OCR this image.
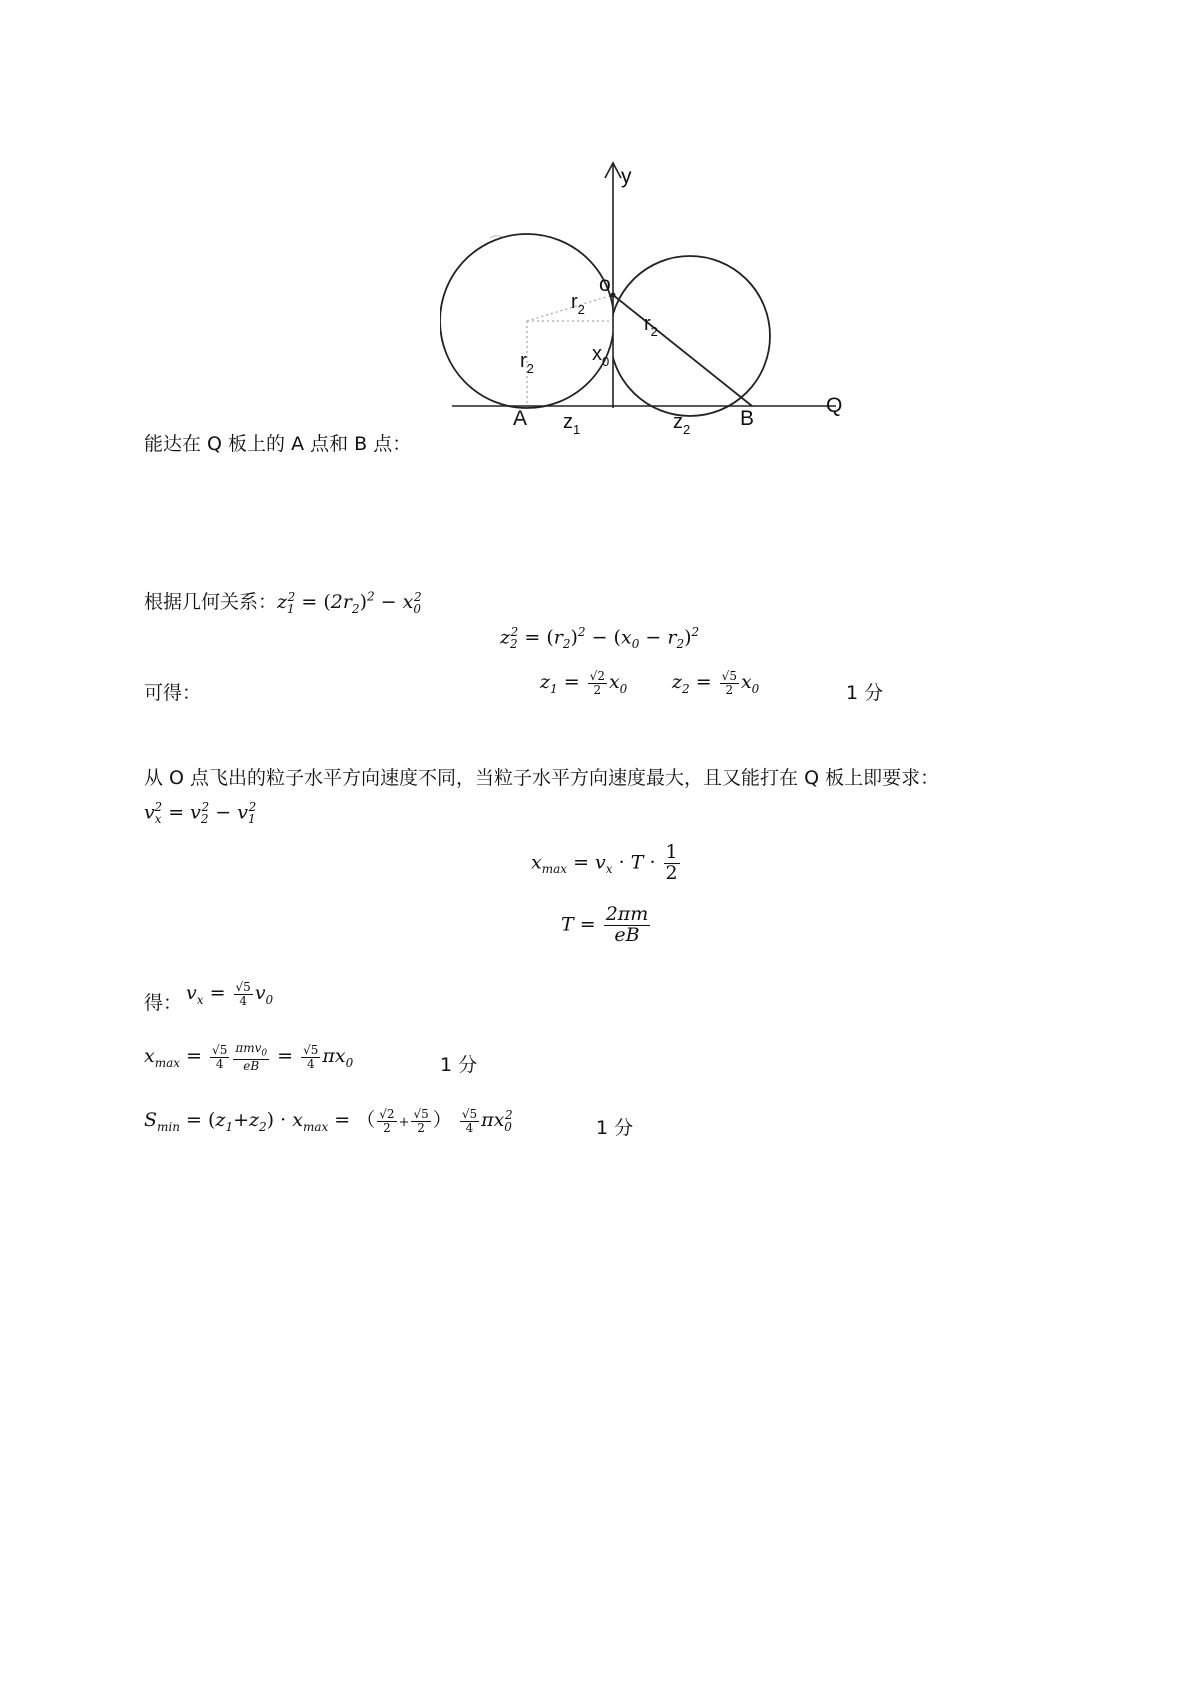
y
o
Q
A	B
$r_2$
$r_2$
$r_2$
$x_0$
$z_1$	$z_2$
能达在 Q 板上的 A 点和 B 点：
根据几何关系：$z_1^2 = (2r_2)^2 - x_0^2$
$z_2^2 = (r_2)^2 - (x_0 - r_2)^2$
可得：	$z_1 = \frac{√2}{2} x_0$ $z_2 = \frac{√5}{2} x_0$	1 分
从 O 点飞出的粒子水平方向速度不同，当粒子水平方向速度最大，且又能打在 Q 板上即要求：
$v_x^2 = v_2^2 - v_1^2$
$x_{max} = v_x \cdot T \cdot \frac{1}{2}$
$T = \frac{2\pi m}{eB}$
得： $v_x = \frac{√5}{4} v_0$
$x_{max} = \frac{√5}{4} \frac{\pi mv_0}{eB} = \frac{√5}{4} \pi x_0$	1 分
$S_{min} = (z_1+z_2) \cdot x_{max}$ = （ $\frac{√2}{2} + \frac{√5}{2}$ ） $\frac{√5}{4} \pi x_0^2$
1 分
